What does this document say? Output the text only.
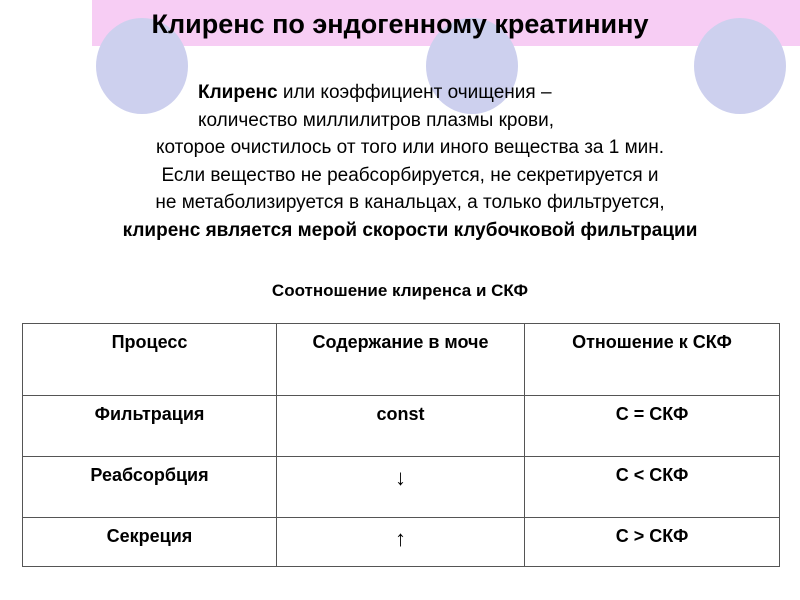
Клиренс по эндогенному креатинину
Клиренс или коэффициент очищения –
количество миллилитров плазмы крови,
которое очистилось от того или иного вещества за 1 мин.
Если вещество не реабсорбируется, не секретируется и
не метаболизируется в канальцах, а только фильтруется,
клиренс является мерой скорости клубочковой фильтрации
Соотношение клиренса и СКФ
Процесс	Содержание в моче	Отношение к СКФ
Фильтрация	const	С = СКФ
Реабсорбция	↓	С < СКФ
Секреция	↑	С > СКФ
